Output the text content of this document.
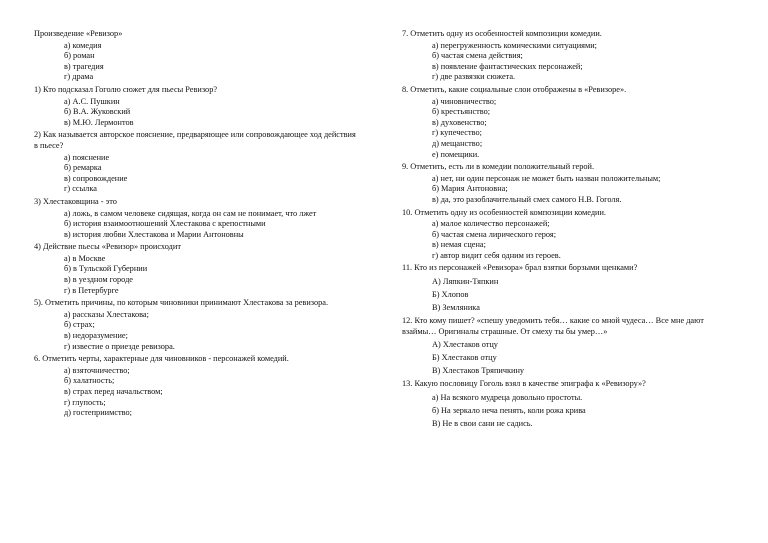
Произведение «Ревизор»
а) комедия
б) роман
в) трагедия
г) драма
1) Кто подсказал Гоголю сюжет для пьесы Ревизор?
а) А.С. Пушкин
б) В.А. Жуковский
в) М.Ю. Лермонтов
2) Как называется авторское пояснение, предваряющее или сопровождающее ход действия в пьесе?
а) пояснение
б) ремарка
в) сопровождение
г) ссылка
3) Хлестаковщина - это
а) ложь, в самом человеке сидящая, когда он сам не понимает, что лжет
б) история взаимоотношений Хлестакова с крепостными
в) история любви Хлестакова и Марии Антоновны
4) Действие пьесы «Ревизор» происходит
а) в Москве
б) в Тульской Губернии
в) в уездном городе
г) в Петербурге
5). Отметить причины, по которым чиновники принимают Хлестакова за ревизора.
а) рассказы Хлестакова;
б) страх;
в) недоразумение;
г) известие о приезде ревизора.
6. Отметить черты, характерные для чиновников - персонажей комедий.
а) взяточничество;
б) халатность;
в) страх перед начальством;
г) глупость;
д) гостеприимство;
7. Отметить одну из особенностей композиции комедии.
а) перегруженность комическими ситуациями;
б) частая смена действия;
в) появление фантастических персонажей;
г) две развязки сюжета.
8. Отметить, какие социальные слои отображены в «Ревизоре».
а) чиновничество;
б) крестьянство;
в) духовенство;
г) купечество;
д) мещанство;
е) помещики.
9. Отметить, есть ли в комедии положительный герой.
а) нет, ни один персонаж не может быть назван положительным;
б) Мария Антоновна;
в) да, это разоблачительный смех самого Н.В. Гоголя.
10. Отметить одну из особенностей композиции комедии.
а) малое количество персонажей;
б) частая смена лирического героя;
в) немая сцена;
г) автор видит себя одним из героев.
11. Кто из персонажей «Ревизора» брал взятки борзыми щенками?
А) Ляпкин-Тяпкин
Б) Хлопов
В) Земляника
12. Кто кому пишет? «спешу уведомить тебя… какие со мной чудеса… Все мне дают взаймы… Оригиналы страшные. От смеху ты бы умер…»
А) Хлестаков отцу
Б) Хлестаков отцу
В) Хлестаков Тряпичкину
13. Какую пословицу Гоголь взял в качестве эпиграфа к «Ревизору»?
а) На всякого мудреца довольно простоты.
б) На зеркало неча пенять, коли рожа крива
В) Не в свои сани не садись.
